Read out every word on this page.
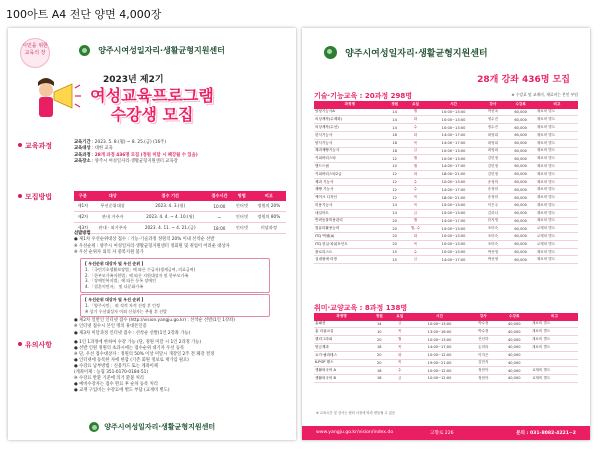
100아트 A4 전단 양면 4,000장
시민을 위한 교육의 장	양주시여성일자리·생활균형지원센터
2023년 제2기
여성교육프로그램
수강생 모집
교육과정	교육기간 : 2023. 5. 8.(월) ~ 8. 25.(금) (16주)
교육대상 : 대한 교육
교육과정 : 28개 과정 436명 모집 (정원 미달 시 폐강될 수 있음)
교육장소 : 양주시 여성일자리·생활균형지원센터 교육장
모집방법	구분	대상	접수 기간	접수시간	방법	비고
제1차	무선순위대상	2023. 4. 3.(월)	10:00	인터넷	정원의 20%
제2차	관내 거주자	2023. 4. 4. ~ 4. 10.(월)	~	인터넷	정원의 80%
제3차	관내 · 외거주자	2023. 4. 11. ~ 4. 21.(금)	18:00	인터넷	미달과정
선발방법
● 제1차 우선순위대상 접수 : 기능·기술과정 정원의 20% 이내 선착순 선발
※ 우선순위 : 양주시 여성일자리·생활균형지원센터 정회원 및 취업이 어려운 대상자
※ 우선 순위자 외의 자 중복지원 불가
[ 우선순위 대상자 및 우선 순위 ]
1. 「국민기초생활보장법」에 따른 수급자(생계급여, 의료급여)
2. 「한부모가족지원법」에 따른 지원대상자 및 한부모가족
3. 「장애인복지법」에 따른 등록 장애인
4. 「결혼이민자」 및 다문화가족
[ 우선순위 대상자 및 우선 순위 ]
1. 「양주시민」 외 적격 자격 선정 후 인정
※ 상기 우선대상자 이외 신청자는 추첨 후 선발
● 제2차 일반인 인터넷 접수 (http://vision.yangju.go.kr) : 선착순 선발(1인 1강좌)
※ 인터넷 접수시 본인 명의 휴대폰인증
● 제3차 미달과정 인터넷 접수 : 선착순 선발(1인 2강좌 가능)
유의사항	● 1인 1과정에 한하여 수강 가능 (단, 정원 미달 시 1인 2과정 가능)
● 선발 인원 정원의 초과시에는 접수순위 대기자 우선 등록
※ 단, 우선 접수대상자 : 정원의 50% 이상 미달시 개강일 2주 전 폐강 결정
● 인터넷에 등록한 자에 한함 (기존 회원 정보로 재가입 필요)
● 수강료 납부방법 : 신용카드 또는 계좌이체
(계좌이체 : 농협 351-0170-0184-51)
※ 수강료 반환 기준에 의거 환불 처리
● 예비수강자는 접수 완료 후 순차 등록 처리
● 교재 구입비는 수강료에 별도 부담 (교재비 별도)
양주시여성일자리·생활균형지원센터
양주시여성일자리·생활균형지원센터
28개 강좌 436명 모집
기술·기능교육 : 20과정 298명	※ 수강료 및 교재비, 재료비는 본인 부담
과정명	정원	요일	시간	강사	수강료	비고
양장기능사A	14	월	10:00~13:00	박현옥	60,000	재료비 별도
의상제작(수제화)	14	화	10:00~13:00	정수진	60,000	재료비 별도
의상제작(수선)	14	수	10:00~13:00	정수진	60,000	재료비 별도
한식기능사	18	화	14:00~17:00	최영희	60,000	재료비 별도
양식기능사	18	목	14:00~17:00	최영희	60,000	재료비 별도
제과제빵기능사	18	금	10:00~13:00	최영희	60,000	재료비 별도
커피바리스타	12	월	10:00~13:00	김민정	60,000	재료비 별도
핸드드립	10	월	14:00~17:00	김민정	60,000	재료비 별도
커피바리스타2급	12	화	18:00~21:00	김민정	60,000	재료비 별도
제과 기능사	12	수	10:00~13:00	송정미	60,000	재료비 별도
제빵 기능사	12	수	14:00~17:00	송정미	60,000	재료비 별도
케이크 디자인	12	목	18:00~21:00	송정미	60,000	재료비 별도
미용기능사	14	목	10:00~13:00	이은주	60,000	재료비 별도
네일아트	14	금	10:00~13:00	김하나	60,000	재료비 별도
반려동물미용관리	20	월	14:00~17:00	한지영	60,000	재료비 별도
컴퓨터활용능력	20	월, 수	10:00~13:00	조미숙	60,000	교재비 별도
ITQ 엑셀(A)	20	화	10:00~13:00	조미숙	60,000	교재비 별도
ITQ 한글·파워포인트	20	목	10:00~13:00	조미숙	60,000	교재비 별도
플로리스트	15	수	10:00~13:00	박선영	60,000	재료비 별도
실내원예·리빙	15	금	14:00~17:00	박선영	60,000	재료비 별도
취미·교양교육 : 8과정 138명
과정명	정원	요일	시간	강사	수강료	비고
홈패션	14	금	10:00~13:00	박수정	40,000	재료비 별도
홈 리폼교실	10	목	13:00~16:00	박수정	40,000	재료비 별도
캘리그라피	20	월	10:00~13:00	진선하	40,000	재료비 별도
양금제과	18	목	14:00~17:00	손미라	40,000	재료비 별도
요가·필라테스	20	화	10:00~12:00	이지은	40,000	
K-POP 댄스	20	목	19:00~21:00	김민지	40,000	
생활외국어 A	18	수	10:00~12:00	정현아	40,000	교재비 별도
생활외국어 B	18	금	10:00~12:00	정현아	40,000	교재비 별도
※ 교육시간 및 강사는 센터 사정에 따라 변동될 수 있음
www.yangju.go.kr/vision/index.do	고향로 226	문의 : 031-8082-4221~2
